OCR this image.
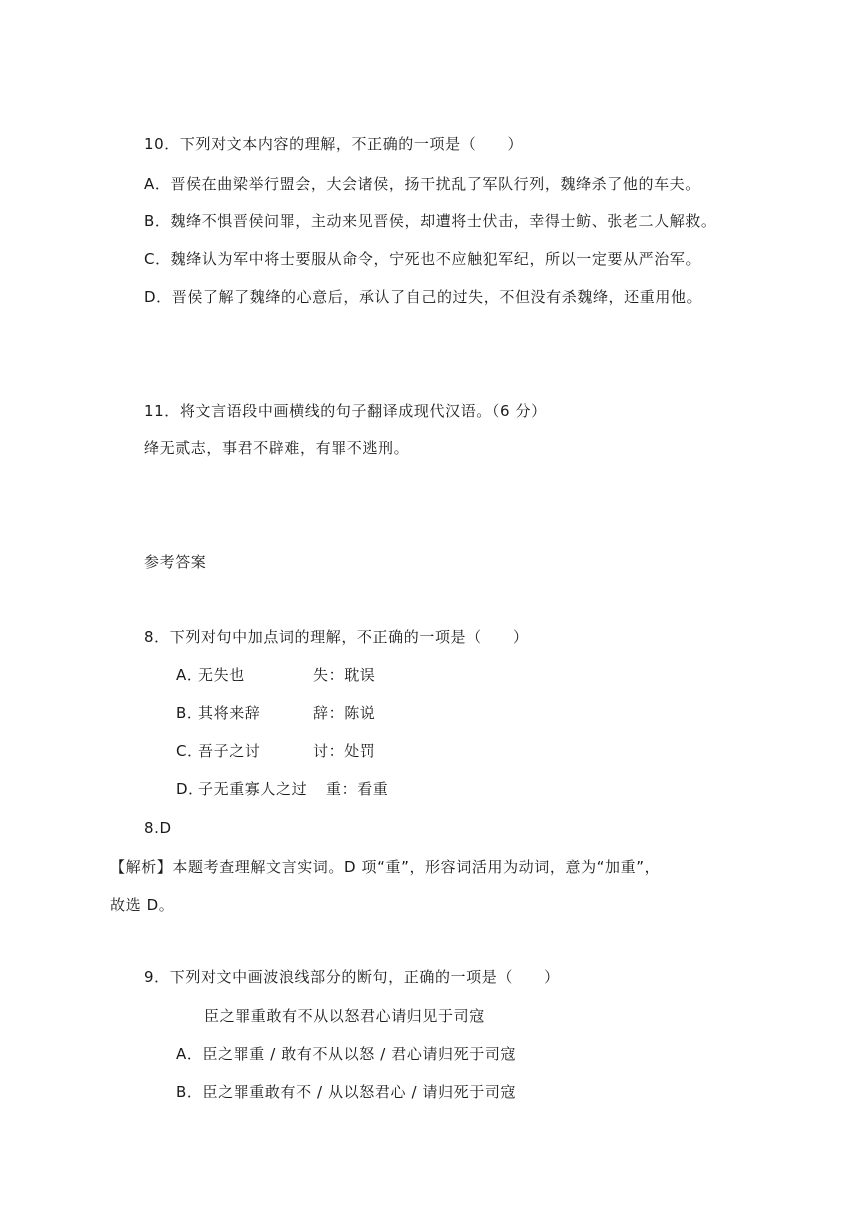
10．下列对文本内容的理解，不正确的一项是（　　）
A．晋侯在曲梁举行盟会，大会诸侯，扬干扰乱了军队行列，魏绛杀了他的车夫。
B．魏绛不惧晋侯问罪，主动来见晋侯，却遭将士伏击，幸得士鲂、张老二人解救。
C．魏绛认为军中将士要服从命令，宁死也不应触犯军纪，所以一定要从严治军。
D．晋侯了解了魏绛的心意后，承认了自己的过失，不但没有杀魏绛，还重用他。
11．将文言语段中画横线的句子翻译成现代汉语。（6 分）
绛无贰志，事君不辟难，有罪不逃刑。
参考答案
8．下列对句中加点词的理解，不正确的一项是（　　）
A．无失也	失：耽误
B．其将来辞	辞：陈说
C．吾子之讨	讨：处罚
D．子无重寡人之过 重：看重
8.D
【解析】本题考查理解文言实词。D 项“重”，形容词活用为动词，意为“加重”，
故选 D。
9．下列对文中画波浪线部分的断句，正确的一项是（　　）
臣之罪重敢有不从以怒君心请归见于司寇
A．臣之罪重 / 敢有不从以怒 / 君心请归死于司寇
B．臣之罪重敢有不 / 从以怒君心 / 请归死于司寇
